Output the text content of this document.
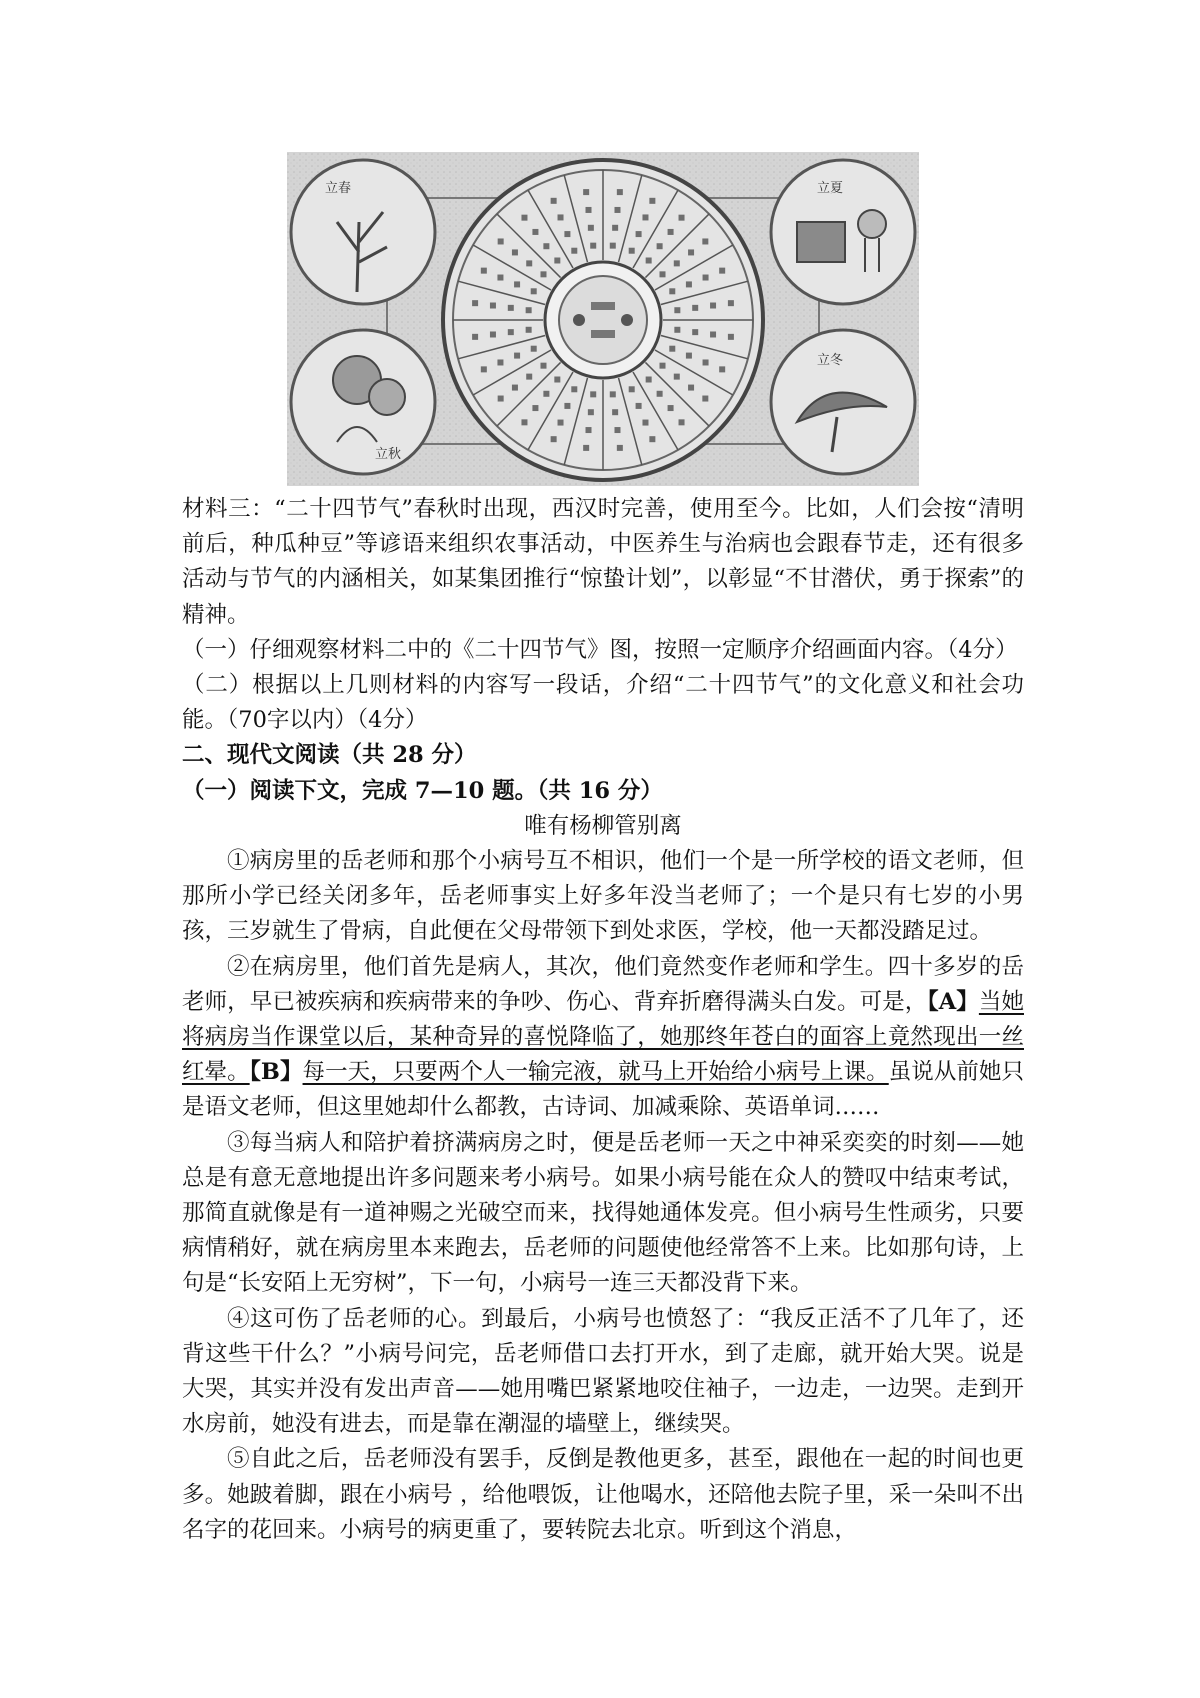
立春
立秋
立夏
立冬

材料三：“二十四节气”春秋时出现，西汉时完善，使用至今。比如，人们会按“清明前后，种瓜种豆”等谚语来组织农事活动，中医养生与治病也会跟春节走，还有很多活动与节气的内涵相关，如某集团推行“惊蛰计划”，以彰显“不甘潜伏，勇于探索”的精神。

（一）仔细观察材料二中的《二十四节气》图，按照一定顺序介绍画面内容。（4分）

（二）根据以上几则材料的内容写一段话，介绍“二十四节气”的文化意义和社会功能。（70字以内）（4分）

二、现代文阅读（共 28 分）

（一）阅读下文，完成 7—10 题。（共 16 分）

唯有杨柳管别离

①病房里的岳老师和那个小病号互不相识，他们一个是一所学校的语文老师，但那所小学已经关闭多年，岳老师事实上好多年没当老师了；一个是只有七岁的小男孩，三岁就生了骨病，自此便在父母带领下到处求医，学校，他一天都没踏足过。

②在病房里，他们首先是病人，其次，他们竟然变作老师和学生。四十多岁的岳老师，早已被疾病和疾病带来的争吵、伤心、背弃折磨得满头白发。可是，【A】当她将病房当作课堂以后，某种奇异的喜悦降临了，她那终年苍白的面容上竟然现出一丝红晕。【B】每一天，只要两个人一输完液，就马上开始给小病号上课。虽说从前她只是语文老师，但这里她却什么都教，古诗词、加减乘除、英语单词……

③每当病人和陪护着挤满病房之时，便是岳老师一天之中神采奕奕的时刻——她总是有意无意地提出许多问题来考小病号。如果小病号能在众人的赞叹中结束考试，那简直就像是有一道神赐之光破空而来，找得她通体发亮。但小病号生性顽劣，只要病情稍好，就在病房里本来跑去，岳老师的问题使他经常答不上来。比如那句诗，上句是“长安陌上无穷树”，下一句，小病号一连三天都没背下来。

④这可伤了岳老师的心。到最后，小病号也愤怒了：“我反正活不了几年了，还背这些干什么？”小病号问完，岳老师借口去打开水，到了走廊，就开始大哭。说是大哭，其实并没有发出声音——她用嘴巴紧紧地咬住袖子，一边走，一边哭。走到开水房前，她没有进去，而是靠在潮湿的墙壁上，继续哭。

⑤自此之后，岳老师没有罢手，反倒是教他更多，甚至，跟他在一起的时间也更多。她跛着脚，跟在小病号 ，给他喂饭，让他喝水，还陪他去院子里，采一朵叫不出名字的花回来。小病号的病更重了，要转院去北京。听到这个消息，
